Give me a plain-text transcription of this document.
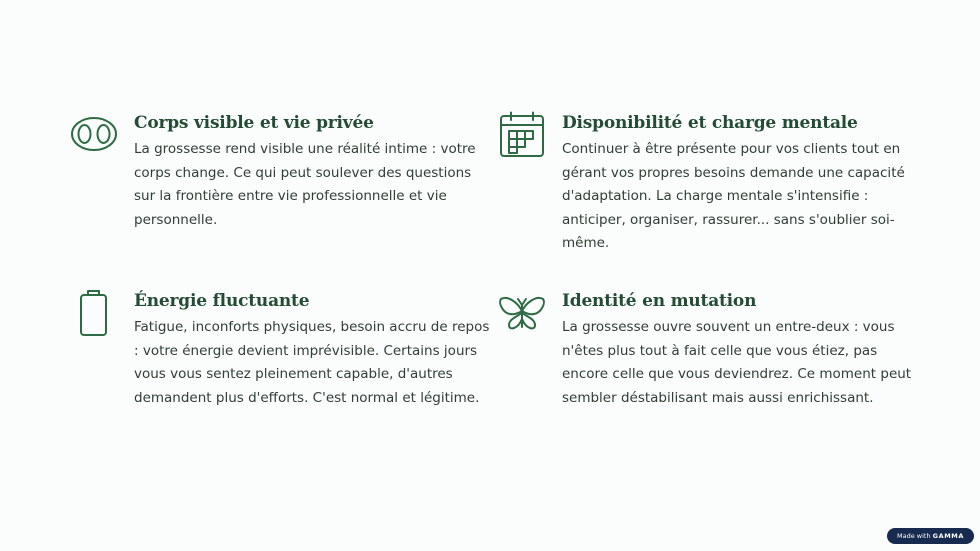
Corps visible et vie privée

La grossesse rend visible une réalité intime : votre corps change. Ce qui peut soulever des questions sur la frontière entre vie professionnelle et vie personnelle.

Disponibilité et charge mentale

Continuer à être présente pour vos clients tout en gérant vos propres besoins demande une capacité d'adaptation. La charge mentale s'intensifie : anticiper, organiser, rassurer... sans s'oublier soi-même.

Énergie fluctuante

Fatigue, inconforts physiques, besoin accru de repos : votre énergie devient imprévisible. Certains jours vous vous sentez pleinement capable, d'autres demandent plus d'efforts. C'est normal et légitime.

Identité en mutation

La grossesse ouvre souvent un entre-deux : vous n'êtes plus tout à fait celle que vous étiez, pas encore celle que vous deviendrez. Ce moment peut sembler déstabilisant mais aussi enrichissant.

Made with GAMMA
